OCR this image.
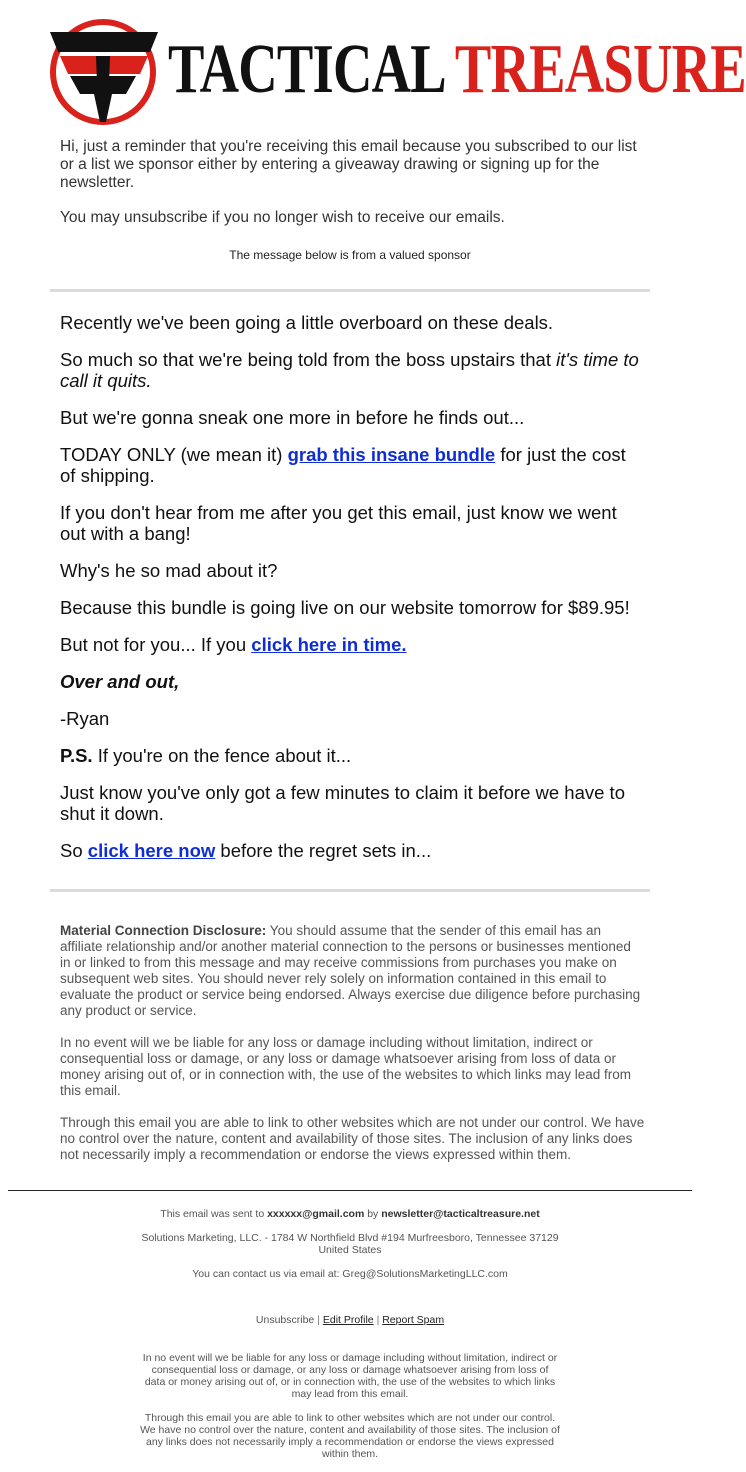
TACTICAL TREASURE

Hi, just a reminder that you're receiving this email because you subscribed to our list or a list we sponsor either by entering a giveaway drawing or signing up for the newsletter.

You may unsubscribe if you no longer wish to receive our emails.

The message below is from a valued sponsor

Recently we've been going a little overboard on these deals.

So much so that we're being told from the boss upstairs that it's time to call it quits.

But we're gonna sneak one more in before he finds out...

TODAY ONLY (we mean it) grab this insane bundle for just the cost of shipping.

If you don't hear from me after you get this email, just know we went out with a bang!

Why's he so mad about it?

Because this bundle is going live on our website tomorrow for $89.95!

But not for you... If you click here in time.

Over and out,

-Ryan

P.S. If you're on the fence about it...

Just know you've only got a few minutes to claim it before we have to shut it down.

So click here now before the regret sets in...

Material Connection Disclosure: You should assume that the sender of this email has an affiliate relationship and/or another material connection to the persons or businesses mentioned in or linked to from this message and may receive commissions from purchases you make on subsequent web sites. You should never rely solely on information contained in this email to evaluate the product or service being endorsed. Always exercise due diligence before purchasing any product or service.

In no event will we be liable for any loss or damage including without limitation, indirect or consequential loss or damage, or any loss or damage whatsoever arising from loss of data or money arising out of, or in connection with, the use of the websites to which links may lead from this email.

Through this email you are able to link to other websites which are not under our control. We have no control over the nature, content and availability of those sites. The inclusion of any links does not necessarily imply a recommendation or endorse the views expressed within them.

This email was sent to xxxxxx@gmail.com by newsletter@tacticaltreasure.net

Solutions Marketing, LLC. - 1784 W Northfield Blvd #194 Murfreesboro, Tennessee 37129 United States

You can contact us via email at: Greg@SolutionsMarketingLLC.com

Unsubscribe | Edit Profile | Report Spam

In no event will we be liable for any loss or damage including without limitation, indirect or consequential loss or damage, or any loss or damage whatsoever arising from loss of data or money arising out of, or in connection with, the use of the websites to which links may lead from this email.

Through this email you are able to link to other websites which are not under our control. We have no control over the nature, content and availability of those sites. The inclusion of any links does not necessarily imply a recommendation or endorse the views expressed within them.
